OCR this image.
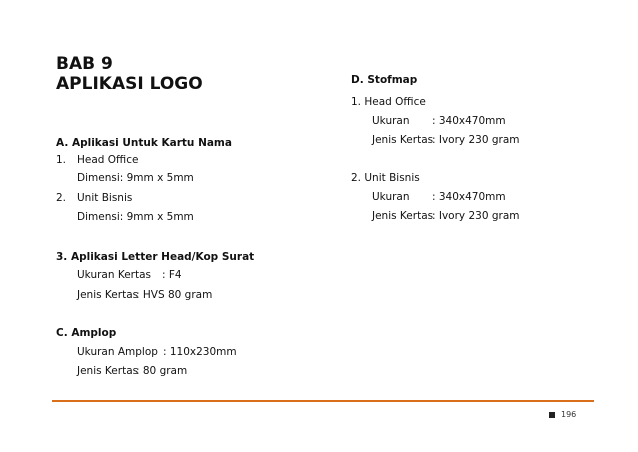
BAB 9
APLIKASI LOGO
A. Aplikasi Untuk Kartu Nama
1. Head Office
Dimensi: 9mm x 5mm
2. Unit Bisnis
Dimensi: 9mm x 5mm
3. Aplikasi Letter Head/Kop Surat
Ukuran Kertas : F4
Jenis Kertas
: HVS 80 gram
C. Amplop
Ukuran Amplop : 110x230mm
Jenis Kertas
: 80 gram
D. Stofmap
1. Head Office
Ukuran : 340x470mm
Jenis Kertas
: Ivory 230 gram
2. Unit Bisnis
Ukuran : 340x470mm
Jenis Kertas
: Ivory 230 gram
196
